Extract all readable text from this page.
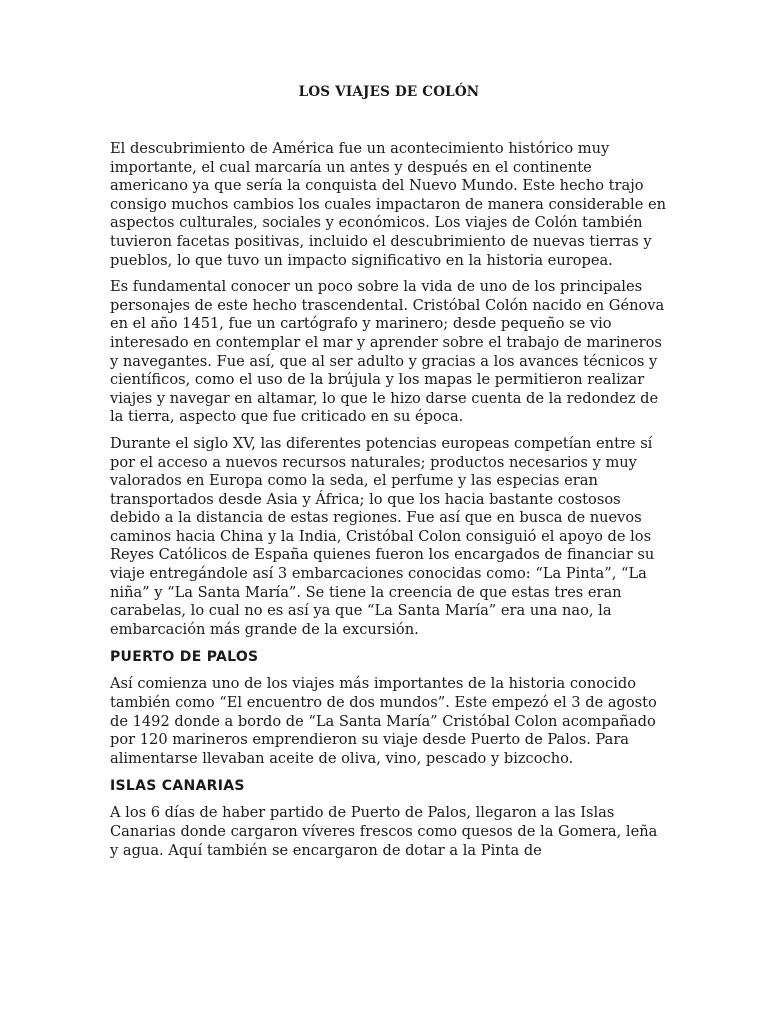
LOS VIAJES DE COLÓN

El descubrimiento de América fue un acontecimiento histórico muy importante, el cual marcaría un antes y después en el continente americano ya que sería la conquista del Nuevo Mundo. Este hecho trajo consigo muchos cambios los cuales impactaron de manera considerable en aspectos culturales, sociales y económicos. Los viajes de Colón también tuvieron facetas positivas, incluido el descubrimiento de nuevas tierras y pueblos, lo que tuvo un impacto significativo en la historia europea.

Es fundamental conocer un poco sobre la vida de uno de los principales personajes de este hecho trascendental. Cristóbal Colón nacido en Génova en el año 1451, fue un cartógrafo y marinero; desde pequeño se vio interesado en contemplar el mar y aprender sobre el trabajo de marineros y navegantes. Fue así, que al ser adulto y gracias a los avances técnicos y científicos, como el uso de la brújula y los mapas le permitieron realizar viajes y navegar en altamar, lo que le hizo darse cuenta de la redondez de la tierra, aspecto que fue criticado en su época.

Durante el siglo XV, las diferentes potencias europeas competían entre sí por el acceso a nuevos recursos naturales; productos necesarios y muy valorados en Europa como la seda, el perfume y las especias eran transportados desde Asia y África; lo que los hacia bastante costosos debido a la distancia de estas regiones. Fue así que en busca de nuevos caminos hacia China y la India, Cristóbal Colon consiguió el apoyo de los Reyes Católicos de España quienes fueron los encargados de financiar su viaje entregándole así 3 embarcaciones conocidas como: “La Pinta”, “La niña” y “La Santa María”. Se tiene la creencia de que estas tres eran carabelas, lo cual no es así ya que “La Santa María” era una nao, la embarcación más grande de la excursión.

PUERTO DE PALOS

Así comienza uno de los viajes más importantes de la historia conocido también como “El encuentro de dos mundos”. Este empezó el 3 de agosto de 1492 donde a bordo de “La Santa María” Cristóbal Colon acompañado por 120 marineros emprendieron su viaje desde Puerto de Palos. Para alimentarse llevaban aceite de oliva, vino, pescado y bizcocho.

ISLAS CANARIAS

A los 6 días de haber partido de Puerto de Palos, llegaron a las Islas Canarias donde cargaron víveres frescos como quesos de la Gomera, leña y agua. Aquí también se encargaron de dotar a la Pinta de
